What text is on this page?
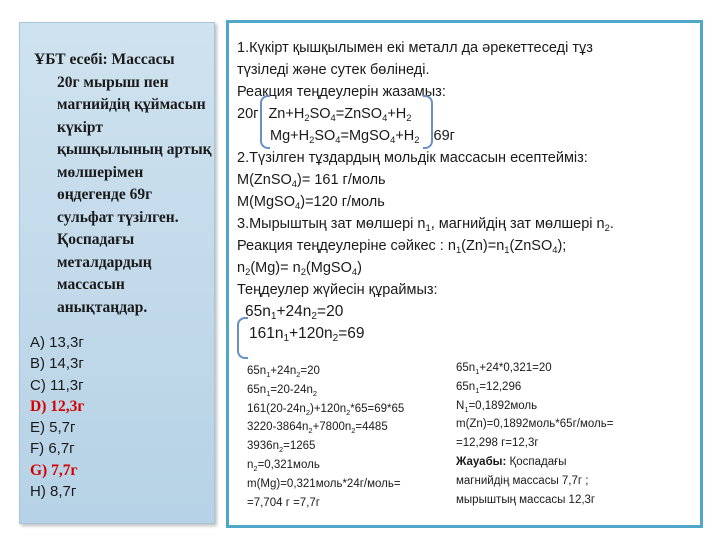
ҰБТ есебі: Массасы
20г мырыш пен магнийдің құймасын күкірт қышқылының артық мөлшерімен өңдегенде 69г сульфат түзілген. Қоспадағы металдардың массасын анықтаңдар.

A) 13,3г
B) 14,3г
C) 11,3г
D) 12,3г
E) 5,7г
F) 6,7г
G) 7,7г
H) 8,7г
1.Күкірт қышқылымен екі металл да әрекеттеседі тұз
түзіледі және сутек бөлінеді.
Реакция теңдеулерін жазамыз:
20г $Zn+H_2SO_4=ZnSO_4+H_2$
$Mg+H_2SO_4=MgSO_4+H_2$ 69г
2.Түзілген тұздардың мольдік массасын есептейміз:
M(ZnSO$_4$)= 161 г/моль
M(MgSO$_4$)=120 г/моль
3.Мырыштың зат мөлшері $n_1$, магнийдің зат мөлшері $n_2$.
Реакция теңдеулеріне сәйкес : $n_1(Zn)=n_1(ZnSO_4)$;
$n_2(Mg)=$ $n_2(MgSO_4)$
Теңдеулер жүйесін құраймыз:
$65n_1+24n_2=20$
$161n_1+120n_2=69$
$65n_1+24n_2=20$
$65n_1=20-24n_2$
$161(20-24n_2)+120n_2*65=69*65$
$3220-3864n_2+7800n_2=4485$
$3936n_2=1265$
$n_2=0,321моль$
m(Mg)=0,321моль*24г/моль=
=7,704 г =7,7г
$65n_1+24*0,321=20$
$65n_1=12,296$
$N_1=0,1892моль$
m(Zn)=0,1892моль*65г/моль=
=12,298 г=12,3г
Жауабы: Қоспадағы
магнийдің массасы 7,7г ;
мырыштың массасы 12,3г
